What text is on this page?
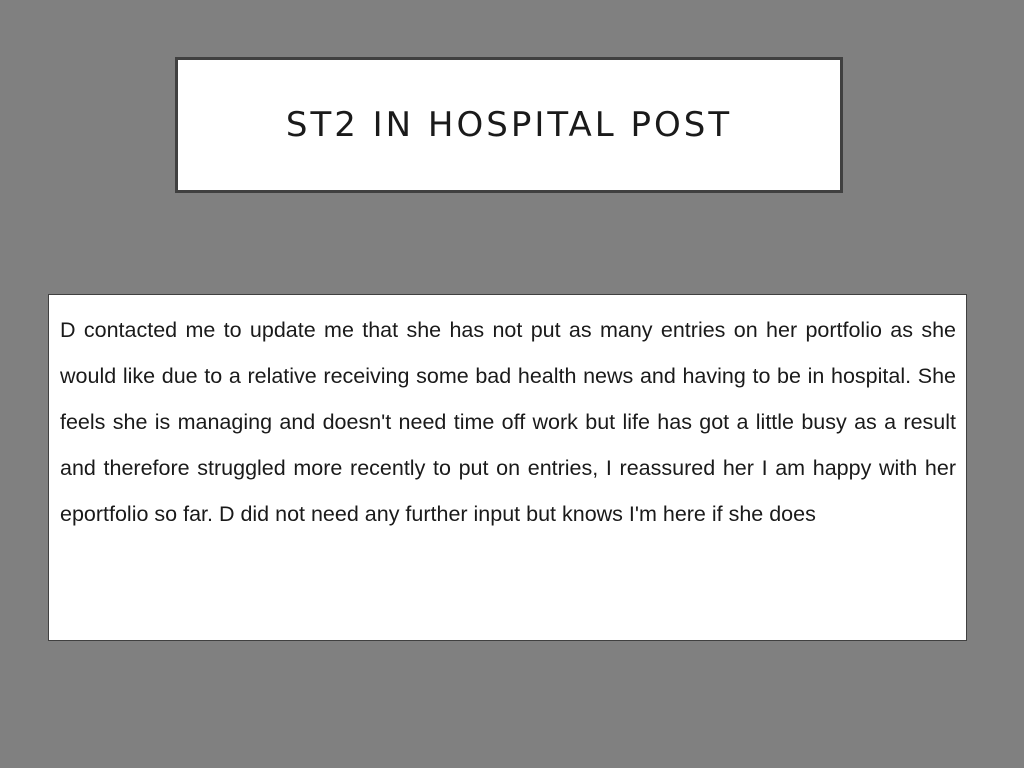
ST2 IN HOSPITAL POST

D contacted me to update me that she has not put as many entries on her portfolio as she would like due to a relative receiving some bad health news and having to be in hospital. She feels she is managing and doesn't need time off work but life has got a little busy as a result and therefore struggled more recently to put on entries, I reassured her I am happy with her eportfolio so far. D did not need any further input but knows I'm here if she does
